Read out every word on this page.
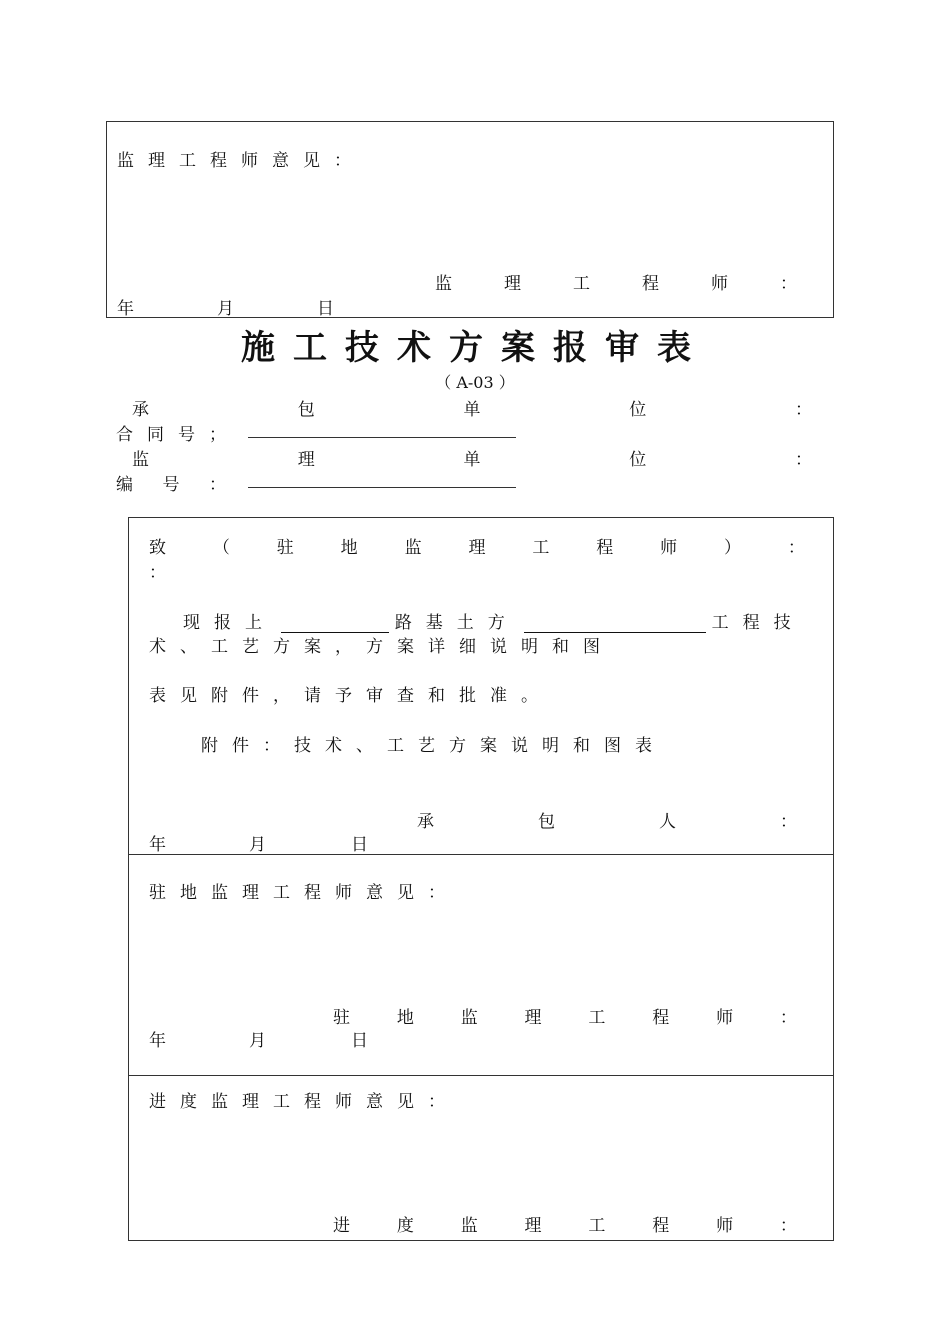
监理工程师意见：
监	理	工	程	师	：
年	月	日
施工技术方案报审表
（ A-03 ）
承	包	单	位	：
合同号；
监	理	单	位	：
编 号 ：
致	（	驻	地	监	理	工	程	师	）	：
：
现报上	路基土方	工程技
术、工艺方案，方案详细说明和图
表见附件，请予审查和批准。
附件：技术、工艺方案说明和图表
承	包	人	：
年	月	日
驻地监理工程师意见：
驻	地	监	理	工	程	师	：
年	月	日
进度监理工程师意见：
进	度	监	理	工	程	师	：
